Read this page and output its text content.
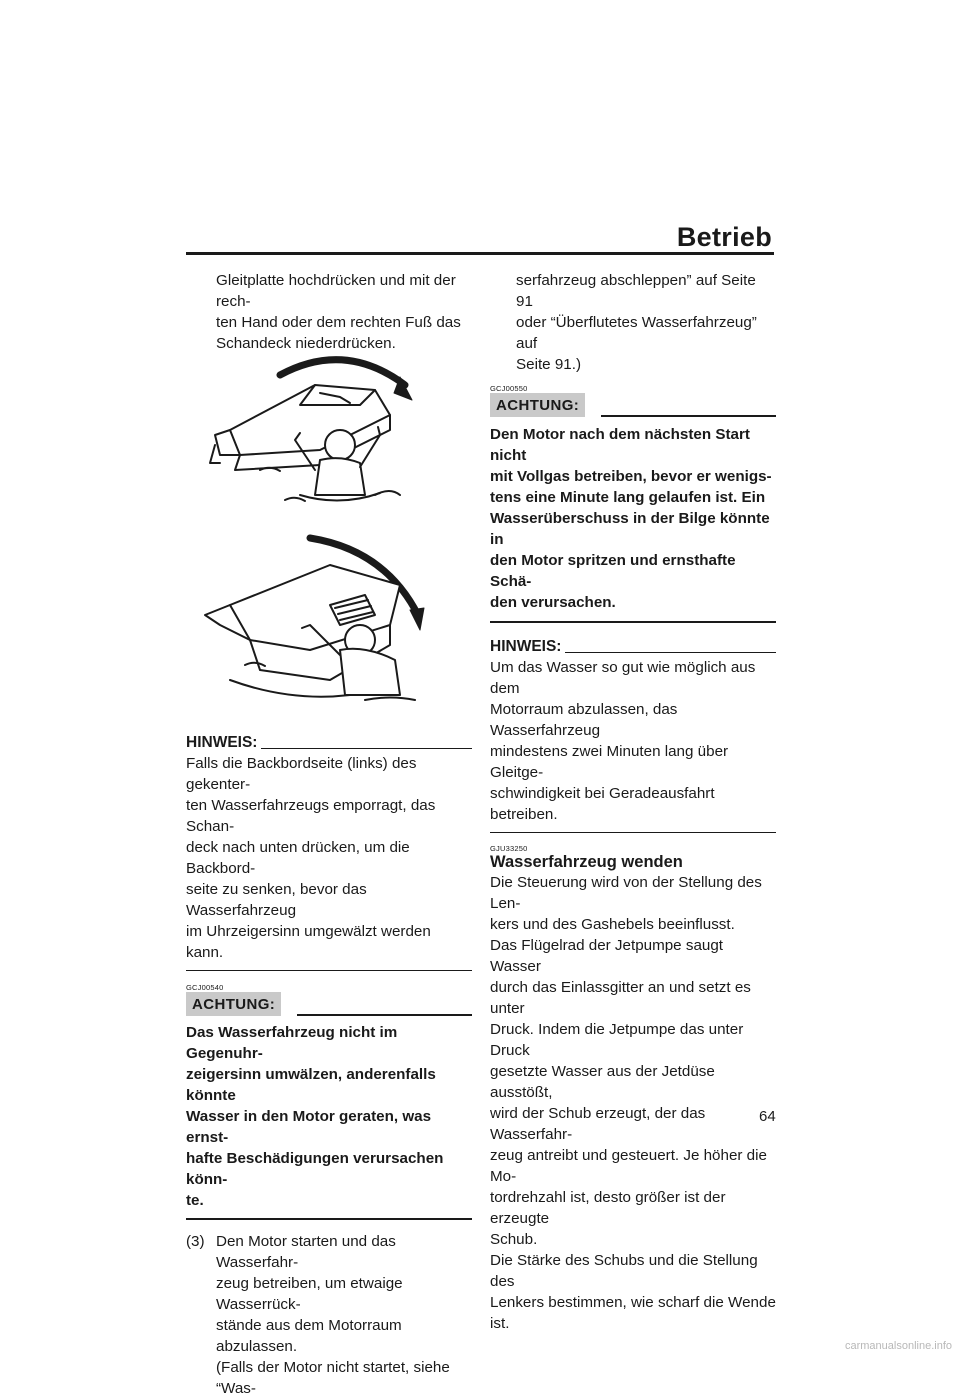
Betrieb

Gleitplatte hochdrücken und mit der rech-

ten Hand oder dem rechten Fuß das

Schandeck niederdrücken.

HINWEIS:

Falls die Backbordseite (links) des gekenter-

ten Wasserfahrzeugs emporragt, das Schan-

deck nach unten drücken, um die Backbord-

seite zu senken, bevor das Wasserfahrzeug

im Uhrzeigersinn umgewälzt werden kann.

GCJ00540
ACHTUNG:

Das Wasserfahrzeug nicht im Gegenuhr-

zeigersinn umwälzen, anderenfalls könnte

Wasser in den Motor geraten, was ernst-

hafte Beschädigungen verursachen könn-

te.

(3) Den Motor starten und das Wasserfahr-

zeug betreiben, um etwaige Wasserrück-

stände aus dem Motorraum abzulassen.

(Falls der Motor nicht startet, siehe “Was-

serfahrzeug abschleppen” auf Seite 91

oder “Überflutetes Wasserfahrzeug” auf

Seite 91.)

GCJ00550
ACHTUNG:

Den Motor nach dem nächsten Start nicht

mit Vollgas betreiben, bevor er wenigs-

tens eine Minute lang gelaufen ist. Ein

Wasserüberschuss in der Bilge könnte in

den Motor spritzen und ernsthafte Schä-

den verursachen.

HINWEIS:

Um das Wasser so gut wie möglich aus dem

Motorraum abzulassen, das Wasserfahrzeug

mindestens zwei Minuten lang über Gleitge-

schwindigkeit bei Geradeausfahrt betreiben.

GJU33250
Wasserfahrzeug wenden

Die Steuerung wird von der Stellung des Len-

kers und des Gashebels beeinflusst.

Das Flügelrad der Jetpumpe saugt Wasser

durch das Einlassgitter an und setzt es unter

Druck. Indem die Jetpumpe das unter Druck

gesetzte Wasser aus der Jetdüse ausstößt,

wird der Schub erzeugt, der das Wasserfahr-

zeug antreibt und gesteuert. Je höher die Mo-

tordrehzahl ist, desto größer ist der erzeugte

Schub.

Die Stärke des Schubs und die Stellung des

Lenkers bestimmen, wie scharf die Wende ist.

64
carmanualsonline.info
